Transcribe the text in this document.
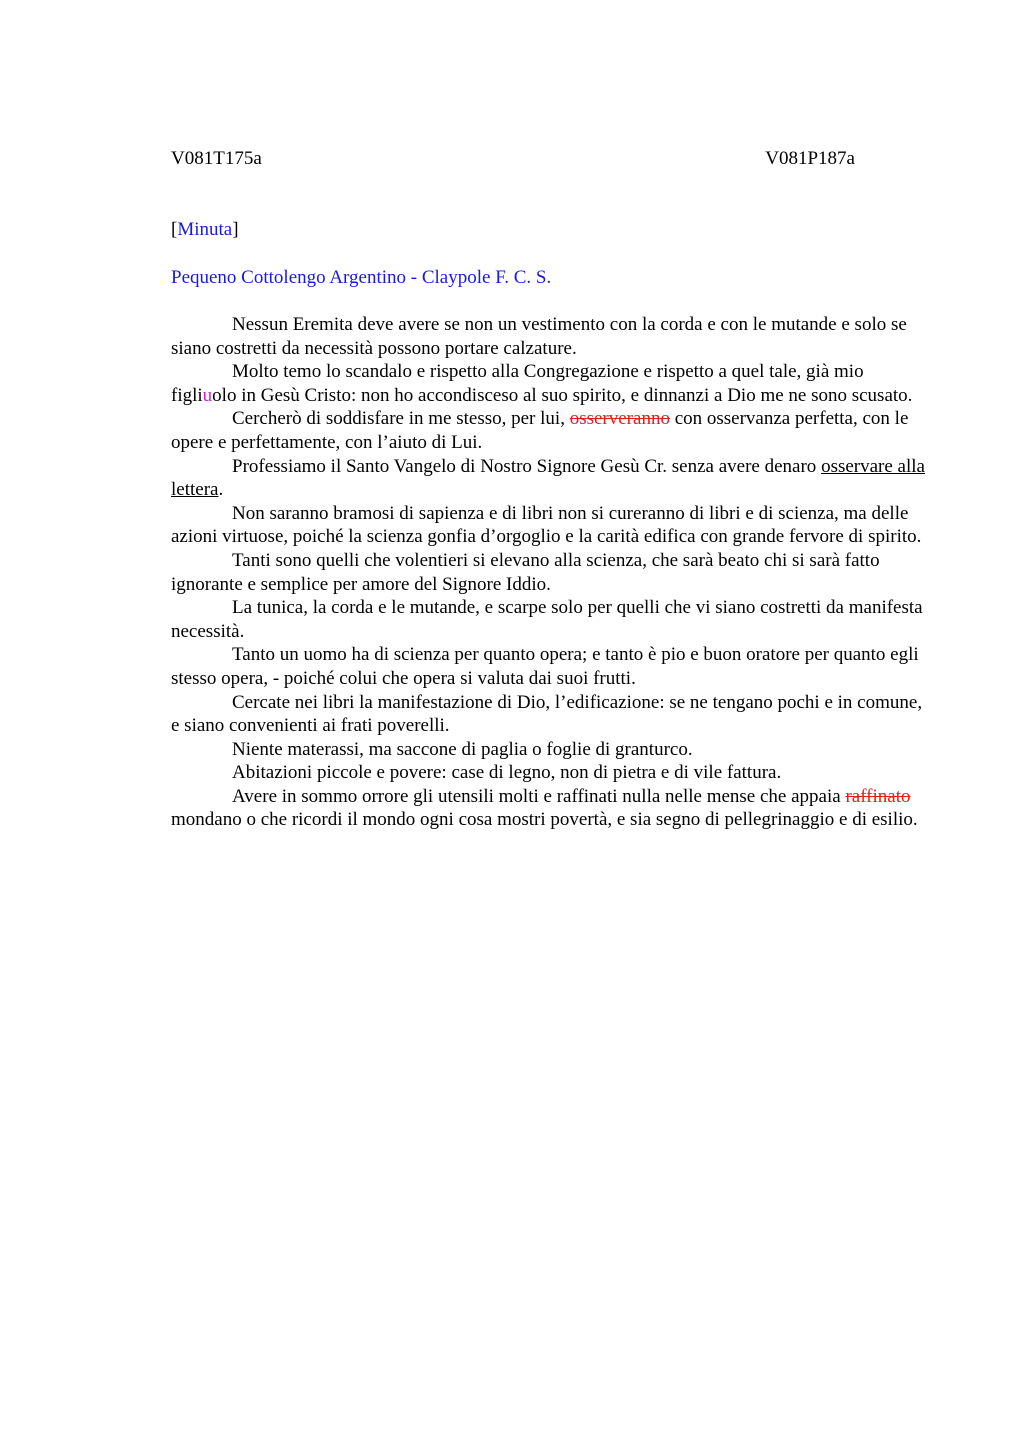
V081T175a	V081P187a
[Minuta]
Pequeno Cottolengo Argentino - Claypole F. C. S.

Nessun Eremita deve avere se non un vestimento con la corda e con le mutande e solo se siano costretti da necessità possono portare calzature.

Molto temo lo scandalo e rispetto alla Congregazione e rispetto a quel tale, già mio figliuolo in Gesù Cristo: non ho accondisceso al suo spirito, e dinnanzi a Dio me ne sono scusato.

Cercherò di soddisfare in me stesso, per lui, osserveranno con osservanza perfetta, con le opere e perfettamente, con l’aiuto di Lui.

Professiamo il Santo Vangelo di Nostro Signore Gesù Cr. senza avere denaro osservare alla lettera.

Non saranno bramosi di sapienza e di libri non si cureranno di libri e di scienza, ma delle azioni virtuose, poiché la scienza gonfia d’orgoglio e la carità edifica con grande fervore di spirito.

Tanti sono quelli che volentieri si elevano alla scienza, che sarà beato chi si sarà fatto ignorante e semplice per amore del Signore Iddio.

La tunica, la corda e le mutande, e scarpe solo per quelli che vi siano costretti da manifesta necessità.

Tanto un uomo ha di scienza per quanto opera; e tanto è pio e buon oratore per quanto egli stesso opera, - poiché colui che opera si valuta dai suoi frutti.

Cercate nei libri la manifestazione di Dio, l’edificazione: se ne tengano pochi e in comune, e siano convenienti ai frati poverelli.

Niente materassi, ma saccone di paglia o foglie di granturco.

Abitazioni piccole e povere: case di legno, non di pietra e di vile fattura.

Avere in sommo orrore gli utensili molti e raffinati nulla nelle mense che appaia raffinato mondano o che ricordi il mondo ogni cosa mostri povertà, e sia segno di pellegrinaggio e di esilio.
